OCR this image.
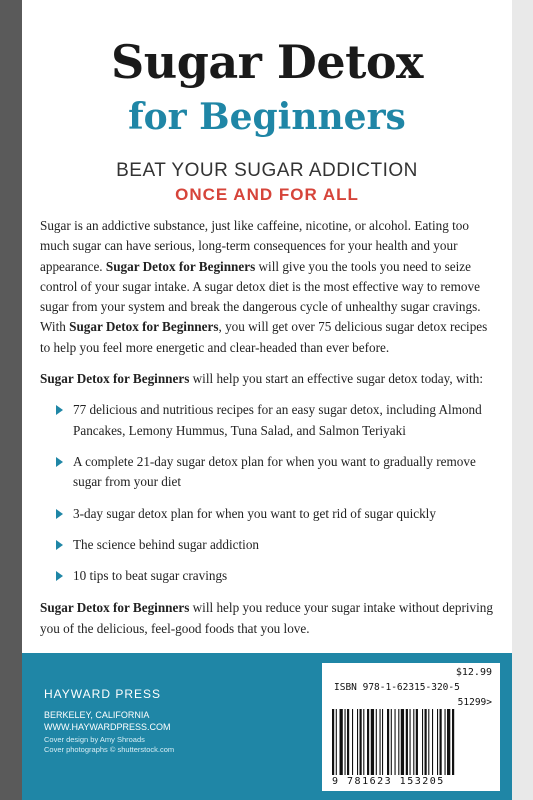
Sugar Detox
for Beginners
BEAT YOUR SUGAR ADDICTION
ONCE AND FOR ALL

Sugar is an addictive substance, just like caffeine, nicotine, or alcohol. Eating too much sugar can have serious, long-term consequences for your health and your appearance. Sugar Detox for Beginners will give you the tools you need to seize control of your sugar intake. A sugar detox diet is the most effective way to remove sugar from your system and break the dangerous cycle of unhealthy sugar cravings. With Sugar Detox for Beginners, you will get over 75 delicious sugar detox recipes to help you feel more energetic and clear-headed than ever before.

Sugar Detox for Beginners will help you start an effective sugar detox today, with:

77 delicious and nutritious recipes for an easy sugar detox, including Almond Pancakes, Lemony Hummus, Tuna Salad, and Salmon Teriyaki
A complete 21-day sugar detox plan for when you want to gradually remove sugar from your diet
3-day sugar detox plan for when you want to get rid of sugar quickly
The science behind sugar addiction
10 tips to beat sugar cravings

Sugar Detox for Beginners will help you reduce your sugar intake without depriving you of the delicious, feel-good foods that you love.

HAYWARD PRESS
BERKELEY, CALIFORNIA
WWW.HAYWARDPRESS.COM
Cover design by Amy Shroads
Cover photographs © shutterstock.com
$12.99
ISBN 978-1-62315-320-5
51299>
9 781623 153205
